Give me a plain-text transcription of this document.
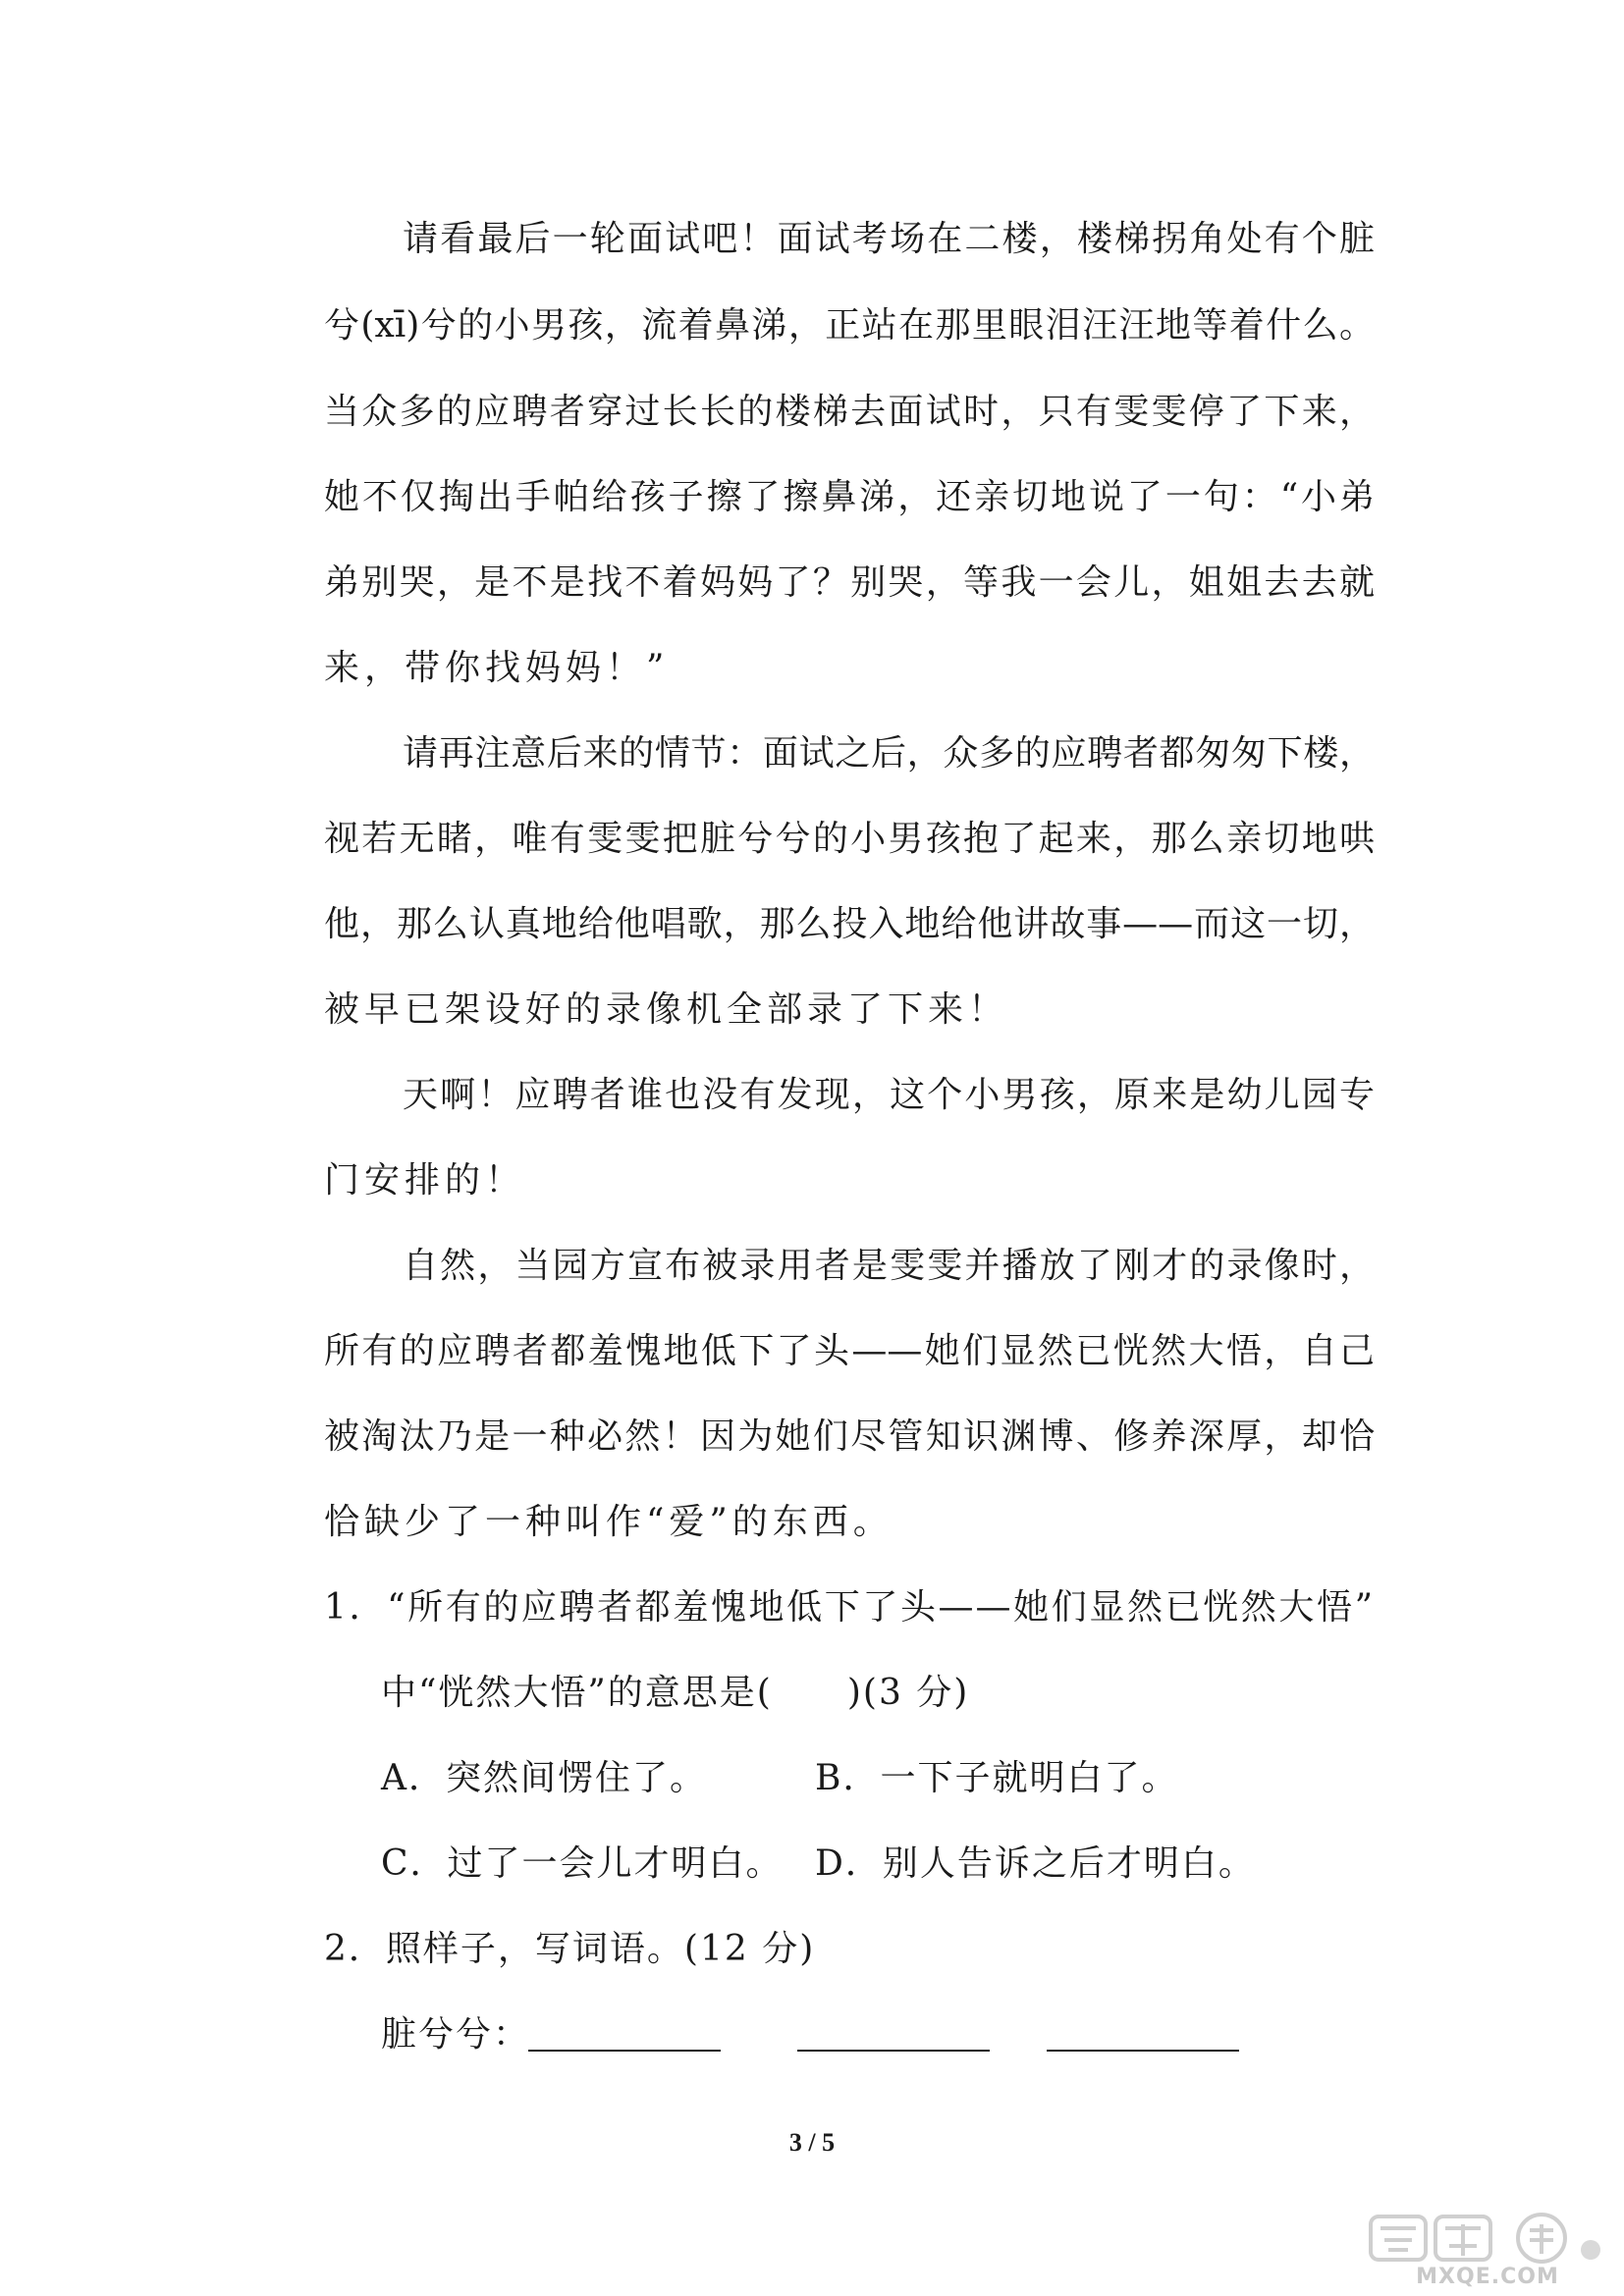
请看最后一轮面试吧！面试考场在二楼，楼梯拐角处有个脏
兮(xī)兮的小男孩，流着鼻涕，正站在那里眼泪汪汪地等着什么。
当众多的应聘者穿过长长的楼梯去面试时，只有雯雯停了下来，
她不仅掏出手帕给孩子擦了擦鼻涕，还亲切地说了一句：“小弟
弟别哭，是不是找不着妈妈了？别哭，等我一会儿，姐姐去去就
来，带你找妈妈！”
请再注意后来的情节：面试之后，众多的应聘者都匆匆下楼，
视若无睹，唯有雯雯把脏兮兮的小男孩抱了起来，那么亲切地哄
他，那么认真地给他唱歌，那么投入地给他讲故事——而这一切，
被早已架设好的录像机全部录了下来！
天啊！应聘者谁也没有发现，这个小男孩，原来是幼儿园专
门安排的！
自然，当园方宣布被录用者是雯雯并播放了刚才的录像时，
所有的应聘者都羞愧地低下了头——她们显然已恍然大悟，自己
被淘汰乃是一种必然！因为她们尽管知识渊博、修养深厚，却恰
恰缺少了一种叫作“爱”的东西。
1．“所有的应聘者都羞愧地低下了头——她们显然已恍然大悟”
中“恍然大悟”的意思是(　　)(3 分)
A．突然间愣住了。	B．一下子就明白了。
C．过了一会儿才明白。 D．别人告诉之后才明白。
2．照样子，写词语。(12 分)
脏兮兮：
3 / 5
MXQE.COM
